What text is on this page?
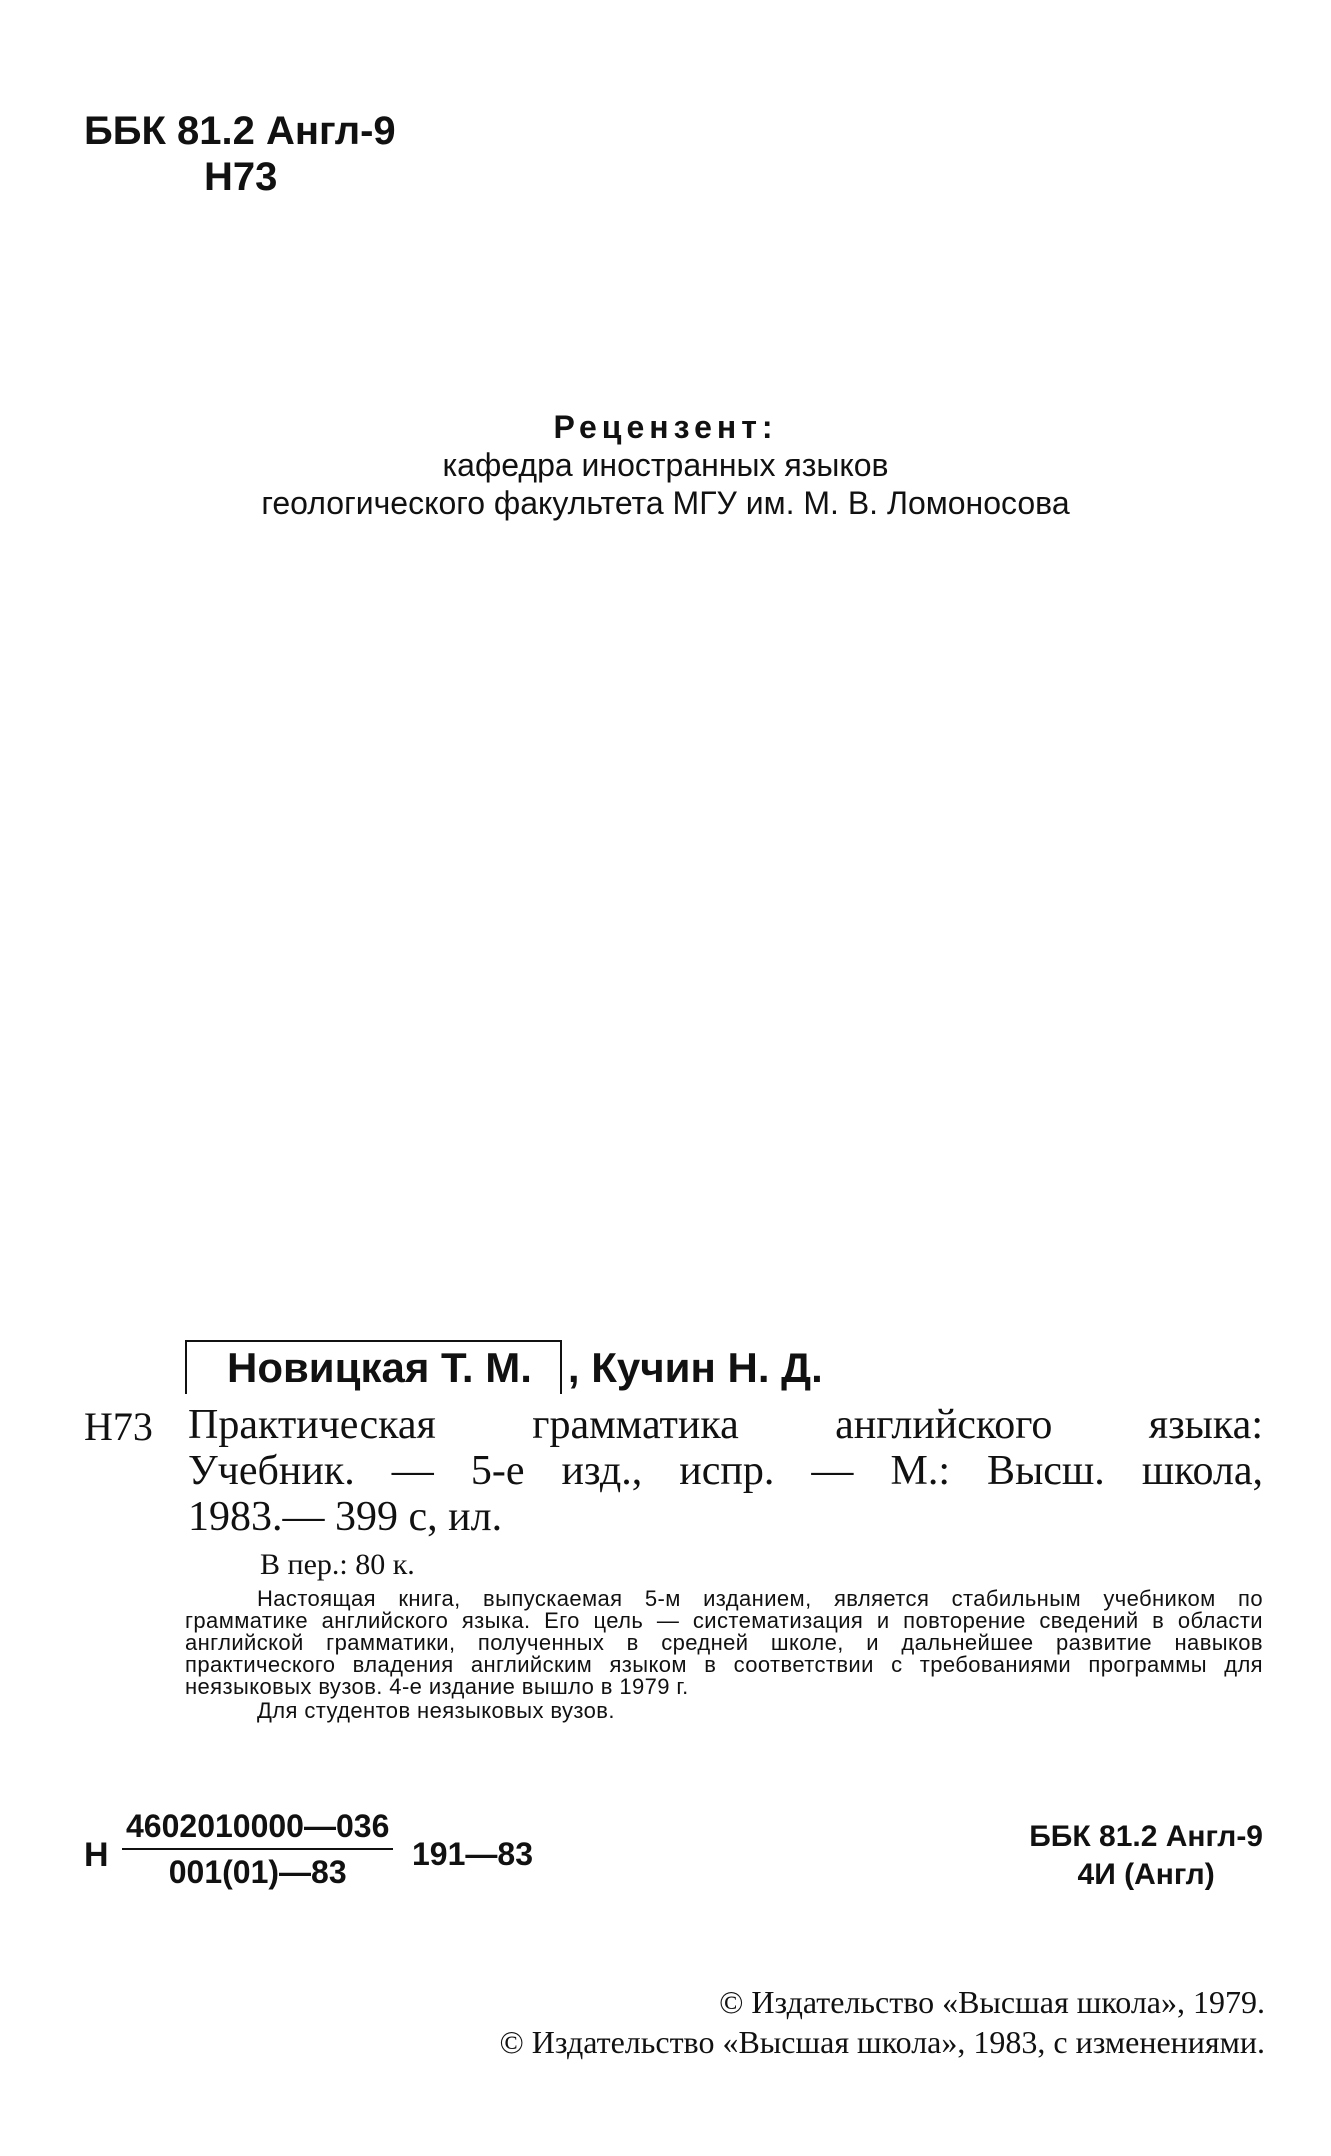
ББК 81.2 Англ-9
Н73
Рецензент:
кафедра иностранных языков
геологического факультета МГУ им. М. В. Ломоносова
Новицкая Т. М. , Кучин Н. Д.
Н73 Практическая грамматика английского языка:
Учебник. — 5-е изд., испр. — М.: Высш. школа,
1983.— 399 с, ил.
В пер.: 80 к.

Настоящая книга, выпускаемая 5-м изданием, является стабильным учебником по грамматике английского языка. Его цель — систематизация и повторение сведений в области английской грамматики, полученных в средней школе, и дальнейшее развитие навыков практического владения английским языком в соответствии с требованиями программы для неязыковых вузов. 4-е издание вышло в 1979 г.

Для студентов неязыковых вузов.

Н $\frac{4602010000—036}{001(01)—83}$ 191—83	ББК 81.2 Англ-9
4И (Англ)
© Издательство «Высшая школа», 1979.
© Издательство «Высшая школа», 1983, с изменениями.
